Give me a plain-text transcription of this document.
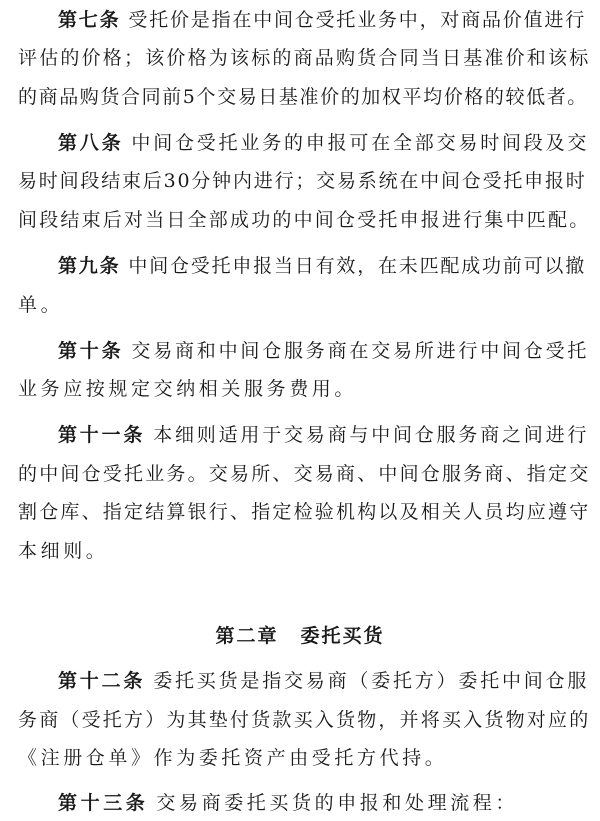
第七条 受托价是指在中间仓受托业务中，对商品价值进行
评估的价格；该价格为该标的商品购货合同当日基准价和该标
的商品购货合同前5个交易日基准价的加权平均价格的较低者。
第八条 中间仓受托业务的申报可在全部交易时间段及交
易时间段结束后30分钟内进行；交易系统在中间仓受托申报时
间段结束后对当日全部成功的中间仓受托申报进行集中匹配。
第九条 中间仓受托申报当日有效，在未匹配成功前可以撤
单。
第十条 交易商和中间仓服务商在交易所进行中间仓受托
业务应按规定交纳相关服务费用。
第十一条 本细则适用于交易商与中间仓服务商之间进行
的中间仓受托业务。交易所、交易商、中间仓服务商、指定交
割仓库、指定结算银行、指定检验机构以及相关人员均应遵守
本细则。
第二章 委托买货
第十二条 委托买货是指交易商（委托方）委托中间仓服
务商（受托方）为其垫付货款买入货物，并将买入货物对应的
《注册仓单》作为委托资产由受托方代持。
第十三条 交易商委托买货的申报和处理流程：
